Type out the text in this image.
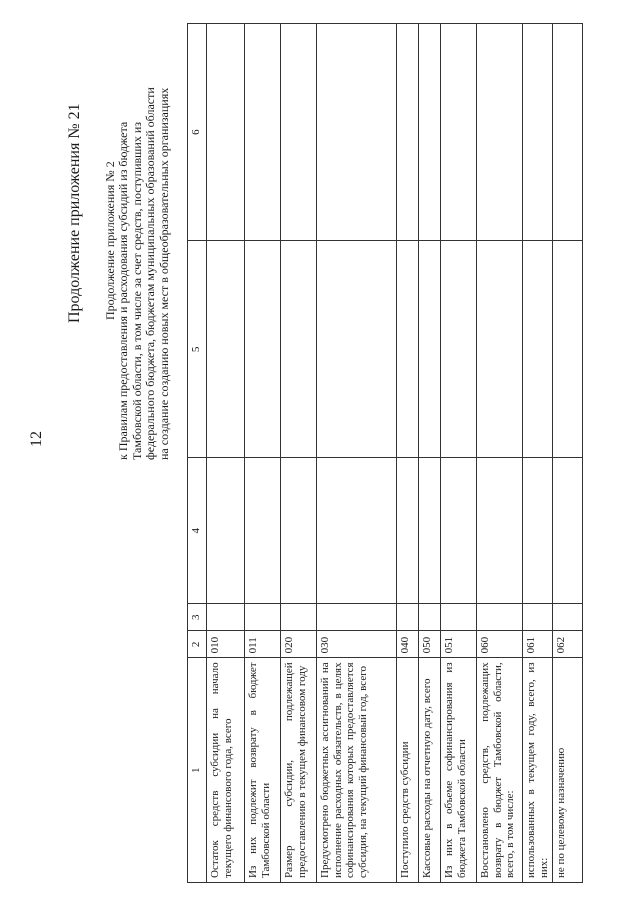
12
Продолжение приложения № 21 Продолжение приложения № 2 к Правилам предоставления и расходования субсидий из бюджета Тамбовской области, в том числе за счет средств, поступивших из федерального бюджета, бюджетам муниципальных образований области на создание созданию новых мест в общеобразовательных организациях

1	2	3	4	5	6
Остаток средств субсидии на начало текущего финансового года, всего	010				
Из них подлежит возврату в бюджет Тамбовской области	011				
Размер субсидии, подлежащей предоставлению в текущем финансовом году	020				
Предусмотрено бюджетных ассигнований на исполнение расходных обязательств, в целях софинансирования которых предоставляется субсидия, на текущий финансовый год, всего	030				
Поступило средств субсидии	040				
Кассовые расходы на отчетную дату, всего	050				
Из них в объеме софинансирования из бюджета Тамбовской области	051				
Восстановлено средств, подлежащих возврату в бюджет Тамбовской области, всего, в том числе:	060				
использованных в текущем году, всего, из них:	061				
не по целевому назначению	062				
